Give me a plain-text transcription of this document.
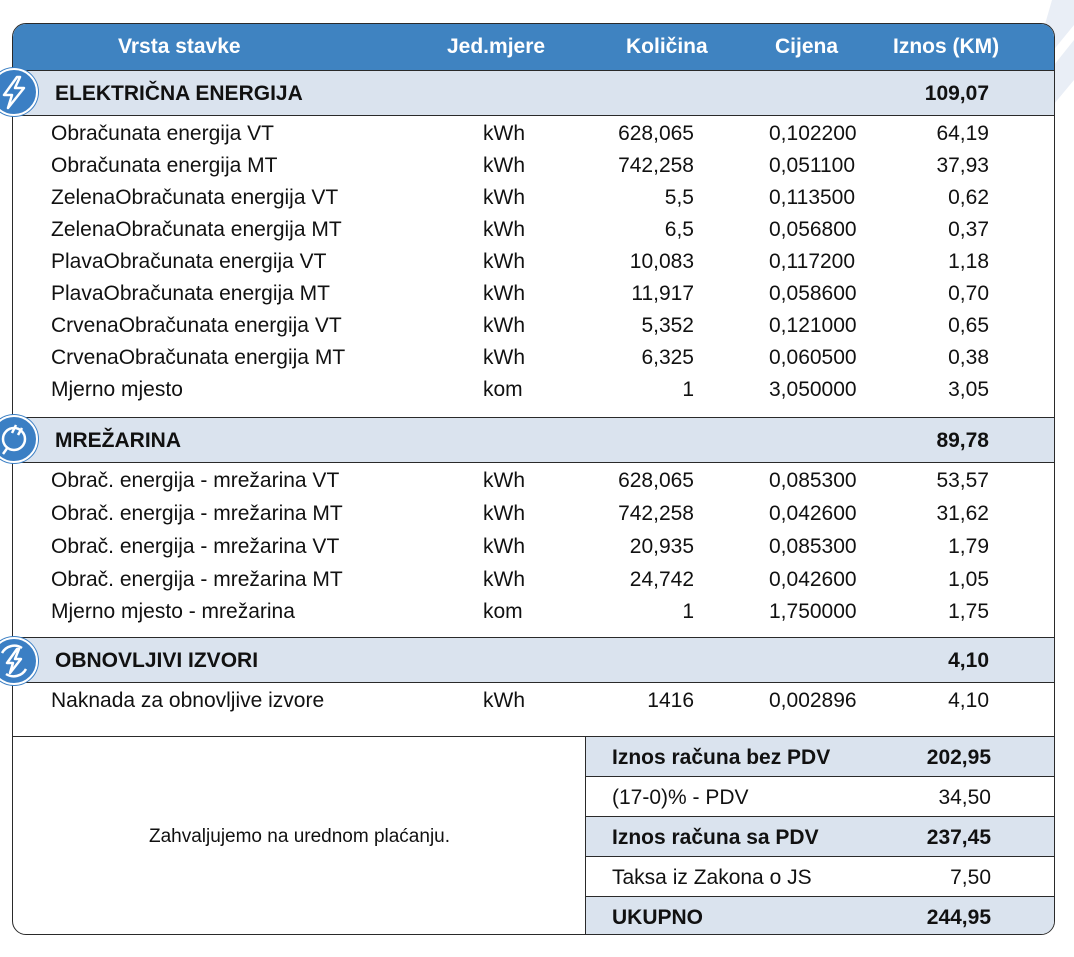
Vrsta stavke	Jed.mjere	Količina	Cijena	Iznos (KM)
ELEKTRIČNA ENERGIJA	109,07
Obračunata energija VT	kWh	628,065	0,102200	64,19
Obračunata energija MT	kWh	742,258	0,051100	37,93
ZelenaObračunata energija VT	kWh	5,5	0,113500	0,62
ZelenaObračunata energija MT	kWh	6,5	0,056800	0,37
PlavaObračunata energija VT	kWh	10,083	0,117200	1,18
PlavaObračunata energija MT	kWh	11,917	0,058600	0,70
CrvenaObračunata energija VT	kWh	5,352	0,121000	0,65
CrvenaObračunata energija MT	kWh	6,325	0,060500	0,38
Mjerno mjesto	kom	1	3,050000	3,05
MREŽARINA	89,78
Obrač. energija - mrežarina VT	kWh	628,065	0,085300	53,57
Obrač. energija - mrežarina MT	kWh	742,258	0,042600	31,62
Obrač. energija - mrežarina VT	kWh	20,935	0,085300	1,79
Obrač. energija - mrežarina MT	kWh	24,742	0,042600	1,05
Mjerno mjesto - mrežarina	kom	1	1,750000	1,75
OBNOVLJIVI IZVORI	4,10
Naknada za obnovljive izvore	kWh	1416	0,002896	4,10
Zahvaljujemo na urednom plaćanju.
Iznos računa bez PDV	202,95
(17-0)% - PDV	34,50
Iznos računa sa PDV	237,45
Taksa iz Zakona o JS	7,50
UKUPNO	244,95
